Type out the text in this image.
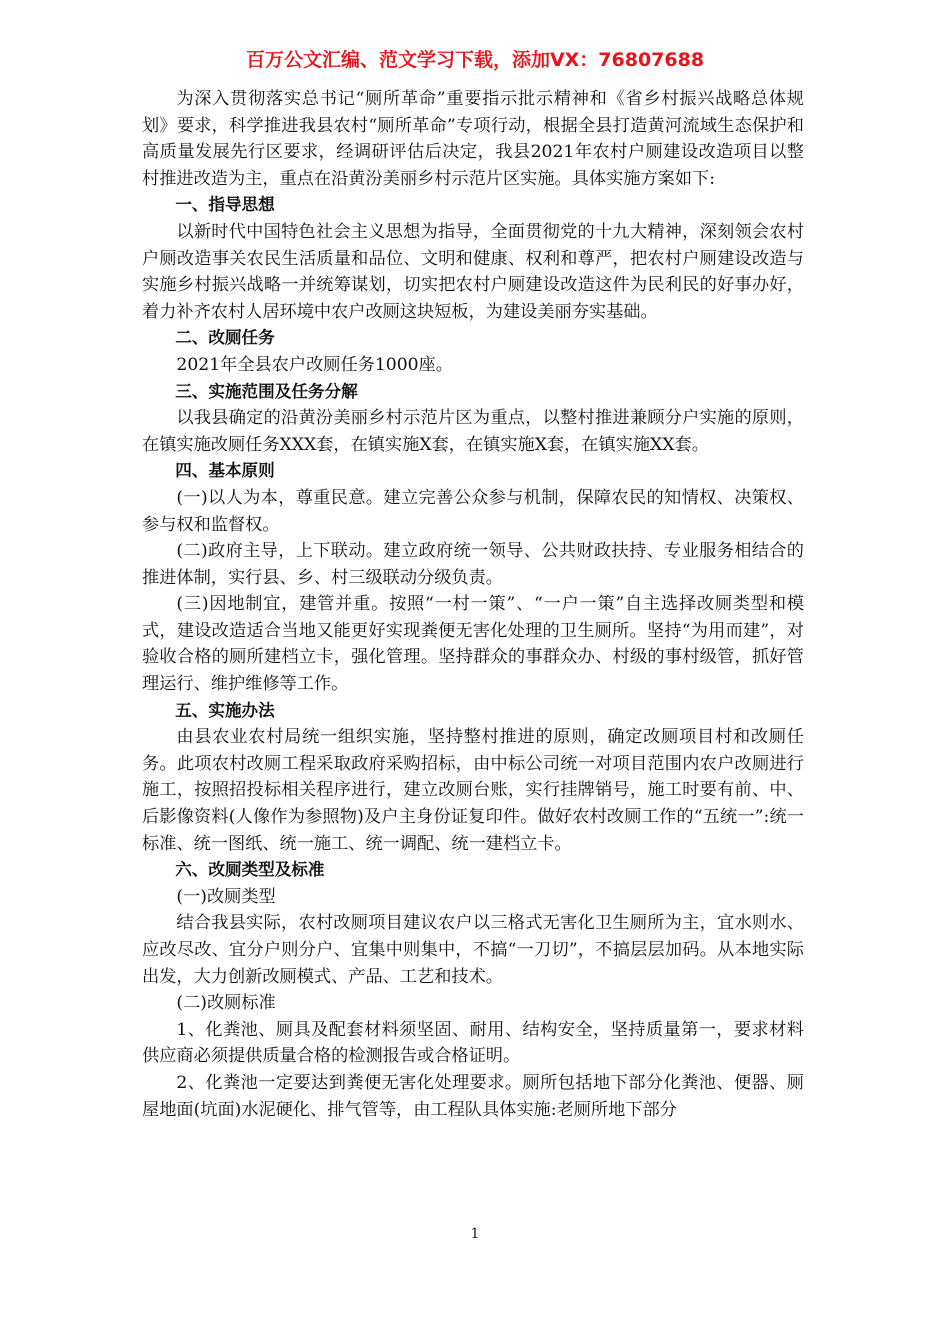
百万公文汇编、范文学习下载，添加VX：76807688

为深入贯彻落实总书记“厕所革命”重要指示批示精神和《省乡村振兴战略总体规划》要求，科学推进我县农村“厕所革命”专项行动，根据全县打造黄河流域生态保护和高质量发展先行区要求，经调研评估后决定，我县2021年农村户厕建设改造项目以整村推进改造为主，重点在沿黄汾美丽乡村示范片区实施。具体实施方案如下:

一、指导思想

以新时代中国特色社会主义思想为指导，全面贯彻党的十九大精神，深刻领会农村户厕改造事关农民生活质量和品位、文明和健康、权利和尊严，把农村户厕建设改造与实施乡村振兴战略一并统筹谋划，切实把农村户厕建设改造这件为民利民的好事办好，着力补齐农村人居环境中农户改厕这块短板，为建设美丽夯实基础。

二、改厕任务

2021年全县农户改厕任务1000座。

三、实施范围及任务分解

以我县确定的沿黄汾美丽乡村示范片区为重点，以整村推进兼顾分户实施的原则，在镇实施改厕任务XXX套，在镇实施X套，在镇实施X套，在镇实施XX套。

四、基本原则

(一)以人为本，尊重民意。建立完善公众参与机制，保障农民的知情权、决策权、参与权和监督权。

(二)政府主导，上下联动。建立政府统一领导、公共财政扶持、专业服务相结合的推进体制，实行县、乡、村三级联动分级负责。

(三)因地制宜，建管并重。按照“一村一策”、“一户一策”自主选择改厕类型和模式，建设改造适合当地又能更好实现粪便无害化处理的卫生厕所。坚持“为用而建”，对验收合格的厕所建档立卡，强化管理。坚持群众的事群众办、村级的事村级管，抓好管理运行、维护维修等工作。

五、实施办法

由县农业农村局统一组织实施，坚持整村推进的原则，确定改厕项目村和改厕任务。此项农村改厕工程采取政府采购招标，由中标公司统一对项目范围内农户改厕进行施工，按照招投标相关程序进行，建立改厕台账，实行挂牌销号，施工时要有前、中、后影像资料(人像作为参照物)及户主身份证复印件。做好农村改厕工作的“五统一”:统一标准、统一图纸、统一施工、统一调配、统一建档立卡。

六、改厕类型及标准

(一)改厕类型

结合我县实际，农村改厕项目建议农户以三格式无害化卫生厕所为主，宜水则水、应改尽改、宜分户则分户、宜集中则集中，不搞“一刀切”，不搞层层加码。从本地实际出发，大力创新改厕模式、产品、工艺和技术。

(二)改厕标准

1、化粪池、厕具及配套材料须坚固、耐用、结构安全，坚持质量第一，要求材料供应商必须提供质量合格的检测报告或合格证明。

2、化粪池一定要达到粪便无害化处理要求。厕所包括地下部分化粪池、便器、厕屋地面(坑面)水泥硬化、排气管等，由工程队具体实施:老厕所地下部分

1
